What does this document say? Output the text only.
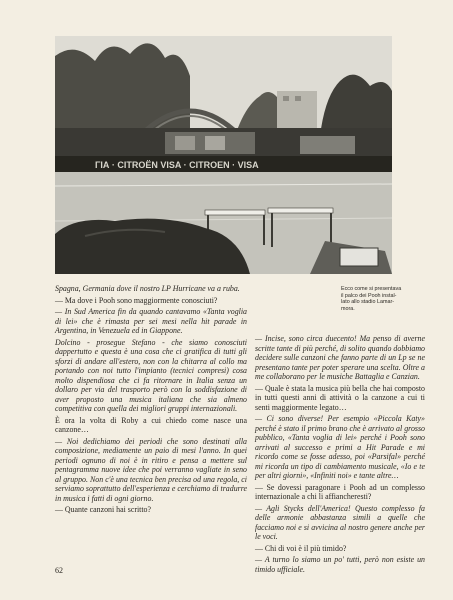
ΓΙΑ · CITROËN VISA · CITROEN · VISA
Ecco come si presentava
il palco dei Pooh instal-
lato allo stadio Lamar-
mora.

Spagna, Germania dove il nostro LP Hurricane va a ruba.

— Ma dove i Pooh sono maggiormente conosciuti?

— In Sud America fin da quando cantavamo «Tanta voglia di lei» che è rimasta per sei mesi nella hit parade in Argentina, in Venezuela ed in Giappone.

Dolcino - prosegue Stefano - che siamo conosciuti dappertutto e questa è una cosa che ci gratifica di tutti gli sforzi di andare all'estero, non con la chitarra al collo ma portando con noi tutto l'impianto (tecnici compresi) cosa molto dispendiosa che ci fa ritornare in Italia senza un dollaro per via del trasporto però con la soddisfazione di aver proposto una musica italiana che sia almeno competitiva con quella dei migliori gruppi internazionali.

È ora la volta di Roby a cui chiedo come nasce una canzone…

— Noi dedichiamo dei periodi che sono destinati alla composizione, mediamente un paio di mesi l'anno. In quei periodi ognuno di noi è in ritiro e pensa a mettere sul pentagramma nuove idee che poi verranno vagliate in seno al gruppo. Non c'è una tecnica ben precisa od una regola, ci serviamo soprattutto dell'esperienza e cerchiamo di tradurre in musica i fatti di ogni giorno.

— Quante canzoni hai scritto?

— Incise, sono circa duecento! Ma penso di averne scritte tante di più perché, di solito quando dobbiamo decidere sulle canzoni che fanno parte di un Lp se ne presentano tante per poter sperare una scelta. Oltre a me collaborano per le musiche Battaglia e Canzian.

— Quale è stata la musica più bella che hai composto in tutti questi anni di attività o la canzone a cui ti senti maggiormente legato…

— Ci sono diverse! Per esempio «Piccola Katy» perché è stato il primo brano che è arrivato al grosso pubblico, «Tanta voglia di lei» perché i Pooh sono arrivati al successo e primi a Hit Parade e mi ricordo come se fosse adesso, poi «Parsifal» perché mi ricorda un tipo di cambiamento musicale, «Io e te per altri giorni», «Infiniti noi» e tante altre…

— Se dovessi paragonare i Pooh ad un complesso internazionale a chi li affiancheresti?

— Agli Stycks dell'America! Questo complesso fa delle armonie abbastanza simili a quelle che facciamo noi e si avvicina al nostro genere anche per le voci.

— Chi di voi è il più timido?

— A turno lo siamo un po' tutti, però non esiste un timido ufficiale.

62
